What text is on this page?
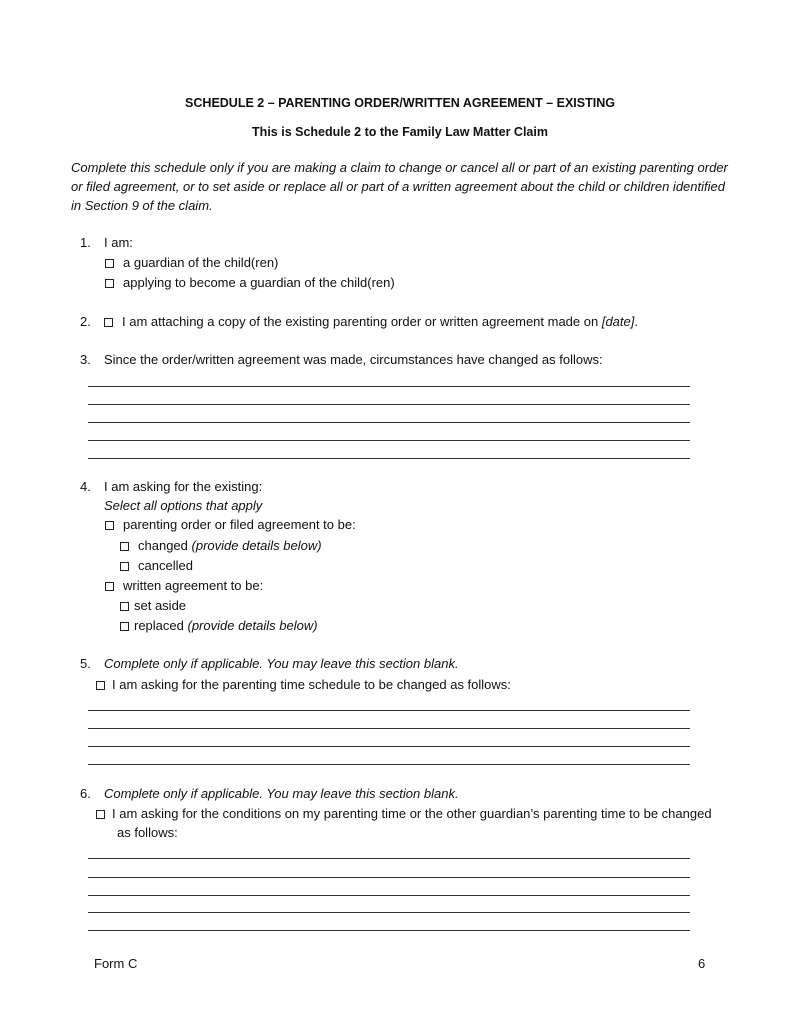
SCHEDULE 2 – PARENTING ORDER/WRITTEN AGREEMENT – EXISTING
This is Schedule 2 to the Family Law Matter Claim
Complete this schedule only if you are making a claim to change or cancel all or part of an existing parenting order or filed agreement, or to set aside or replace all or part of a written agreement about the child or children identified in Section 9 of the claim.
1. I am:
a guardian of the child(ren)
applying to become a guardian of the child(ren)
2. I am attaching a copy of the existing parenting order or written agreement made on [date].
3. Since the order/written agreement was made, circumstances have changed as follows:
4. I am asking for the existing:
Select all options that apply
parenting order or filed agreement to be:
changed (provide details below)
cancelled
written agreement to be:
set aside
replaced (provide details below)
5. Complete only if applicable. You may leave this section blank.
I am asking for the parenting time schedule to be changed as follows:
6. Complete only if applicable. You may leave this section blank.
I am asking for the conditions on my parenting time or the other guardian’s parenting time to be changed
as follows:
Form C	6
